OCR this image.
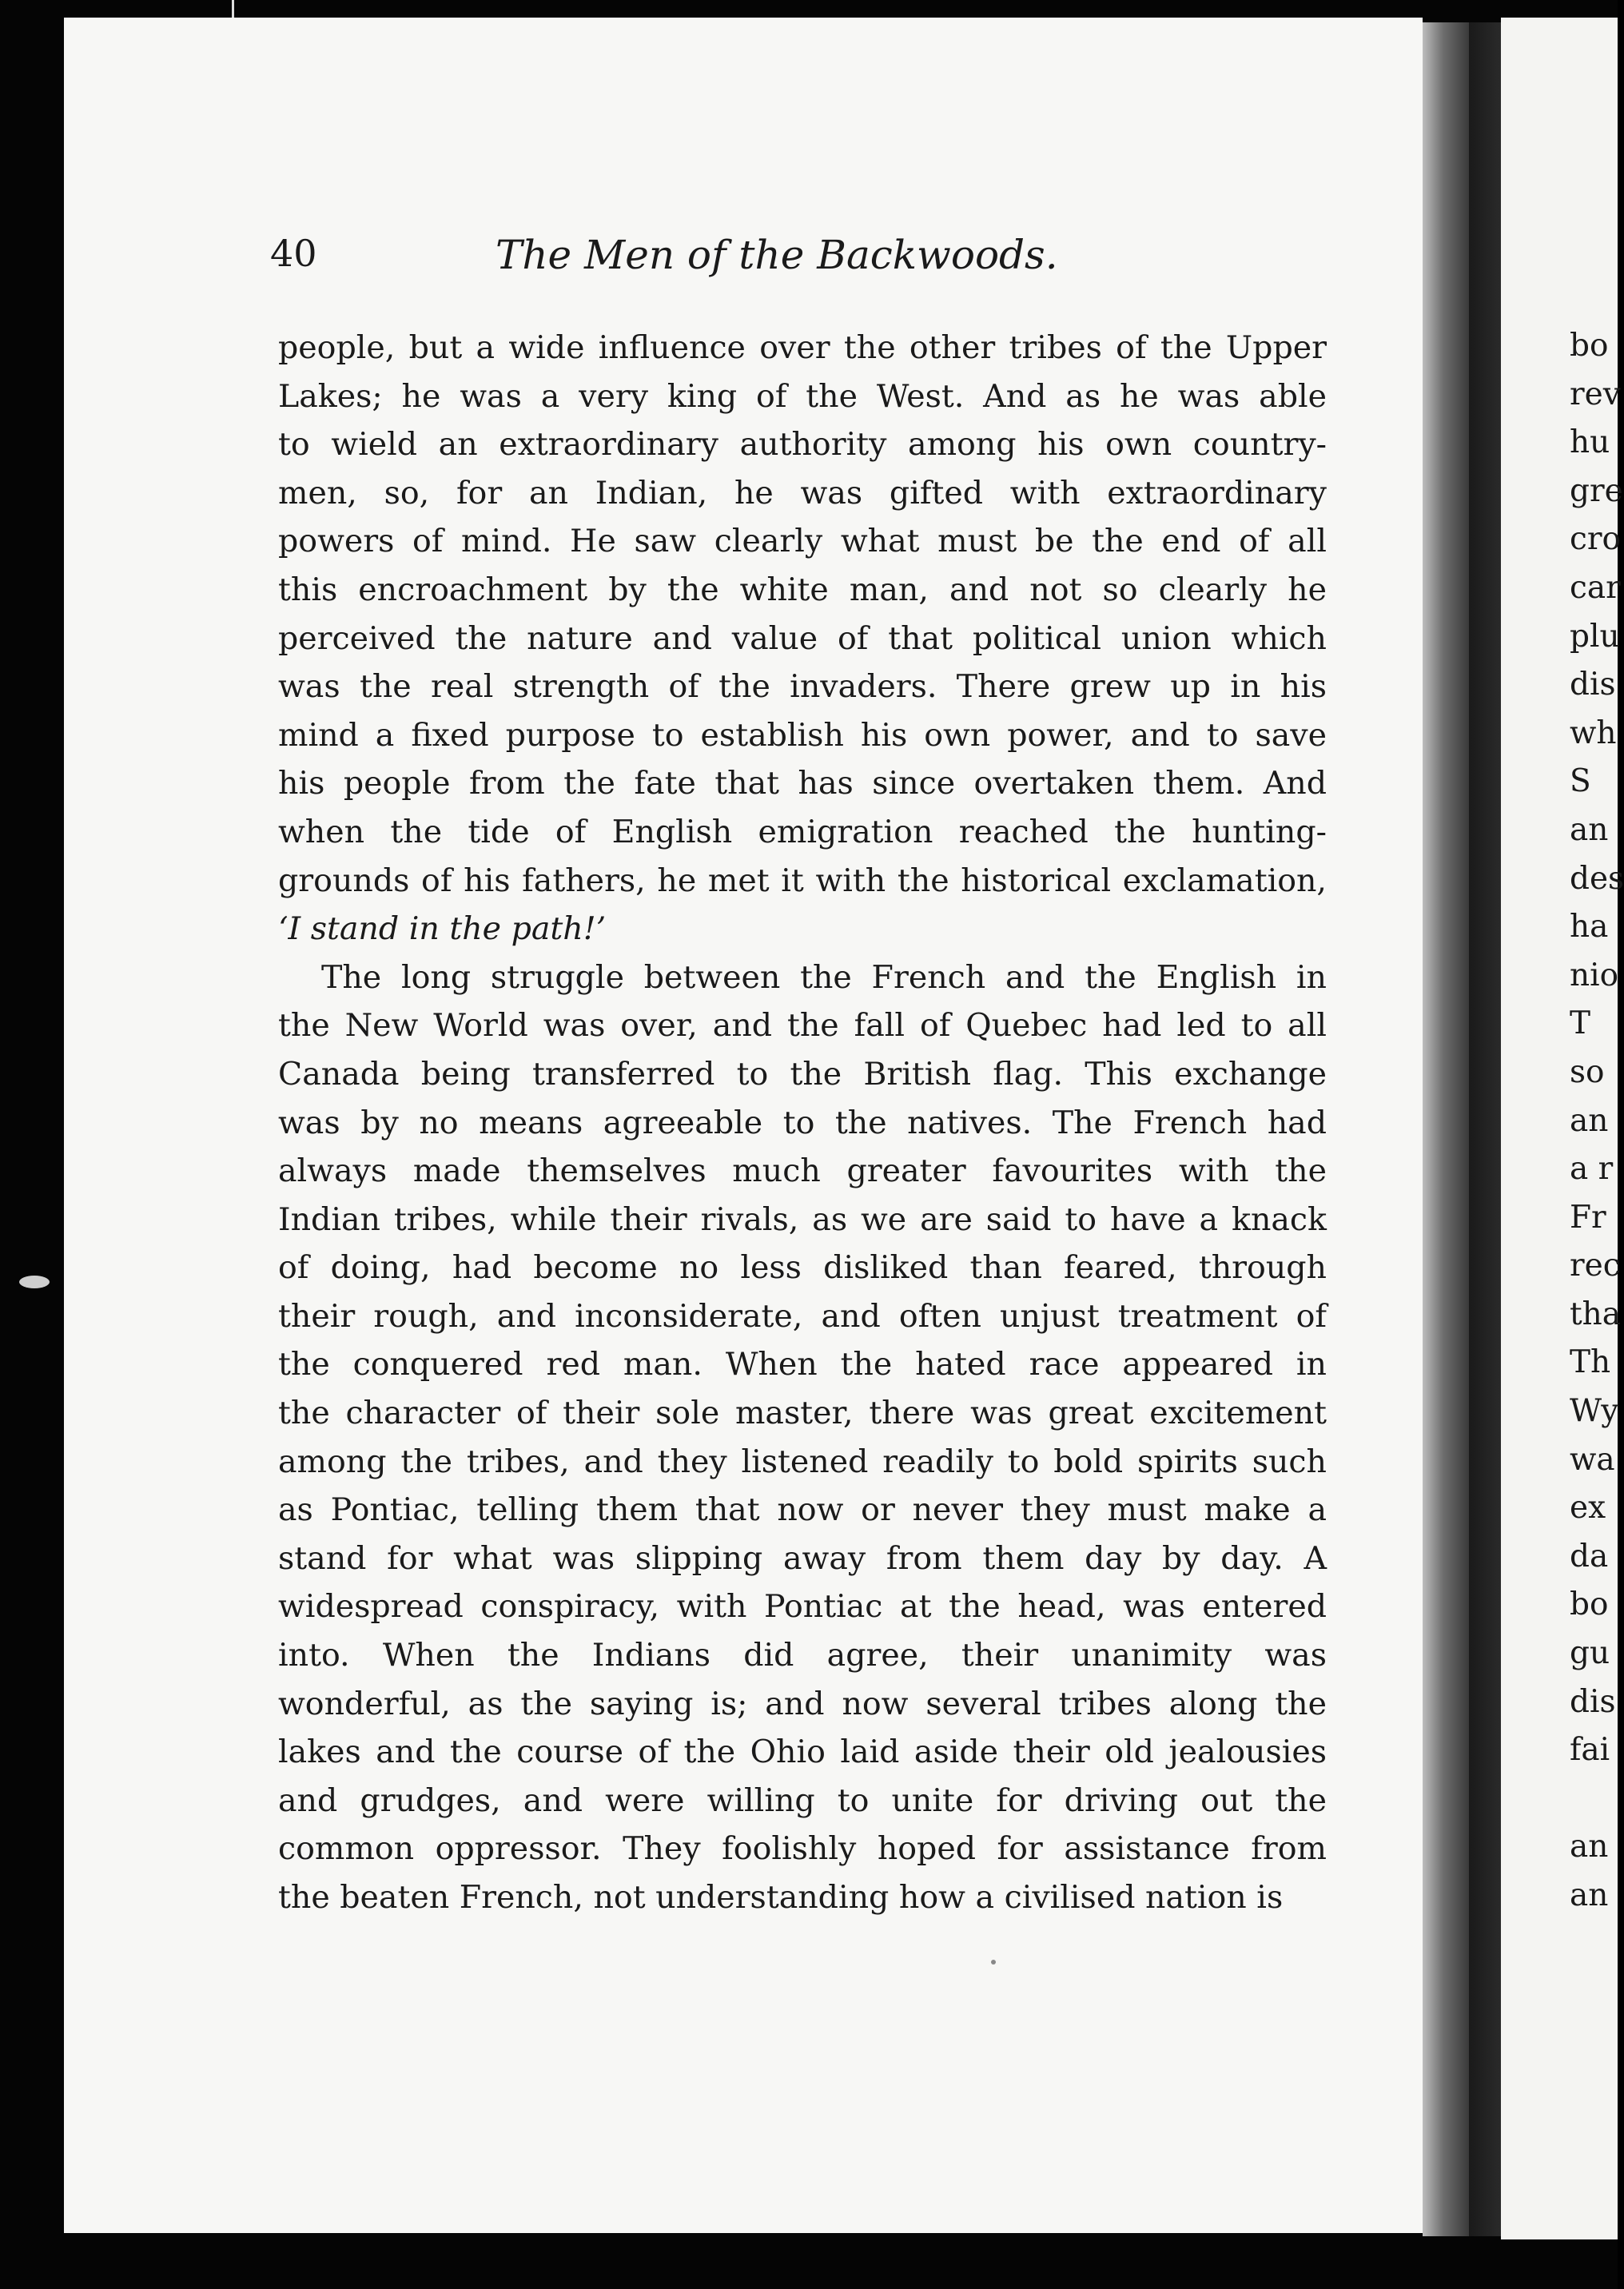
40	The Men of the Backwoods.
people, but a wide influence over the other tribes of the Upper
Lakes; he was a very king of the West. And as he was able
to wield an extraordinary authority among his own country-
men, so, for an Indian, he was gifted with extraordinary
powers of mind. He saw clearly what must be the end of all
this encroachment by the white man, and not so clearly he
perceived the nature and value of that political union which
was the real strength of the invaders. There grew up in his
mind a fixed purpose to establish his own power, and to save
his people from the fate that has since overtaken them. And
when the tide of English emigration reached the hunting-
grounds of his fathers, he met it with the historical exclamation,
‘I stand in the path!’
The long struggle between the French and the English in
the New World was over, and the fall of Quebec had led to all
Canada being transferred to the British flag. This exchange
was by no means agreeable to the natives. The French had
always made themselves much greater favourites with the
Indian tribes, while their rivals, as we are said to have a knack
of doing, had become no less disliked than feared, through
their rough, and inconsiderate, and often unjust treatment of
the conquered red man. When the hated race appeared in
the character of their sole master, there was great excitement
among the tribes, and they listened readily to bold spirits such
as Pontiac, telling them that now or never they must make a
stand for what was slipping away from them day by day. A
widespread conspiracy, with Pontiac at the head, was entered
into. When the Indians did agree, their unanimity was
wonderful, as the saying is; and now several tribes along the
lakes and the course of the Ohio laid aside their old jealousies
and grudges, and were willing to unite for driving out the
common oppressor. They foolishly hoped for assistance from
the beaten French, not understanding how a civilised nation is
bo
rev
hu
gre
cro
car
plu
dis
wh
S
an
des
ha
nio
T
so
an
a r
Fr
rec
tha
Th
Wy
wa
ex
da
bo
gu
dis
fai
an
an
